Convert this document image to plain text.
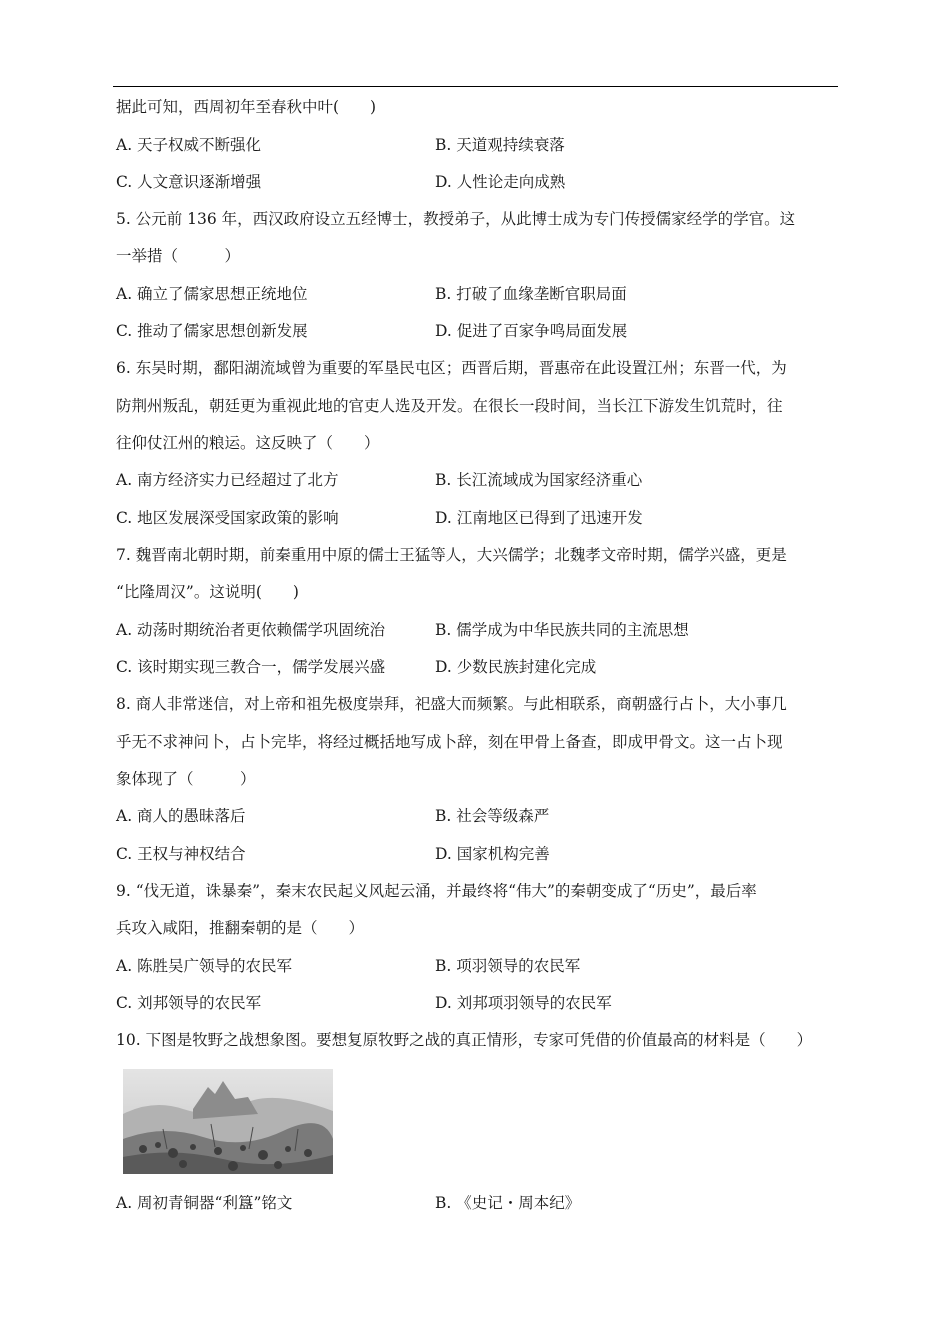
据此可知，西周初年至春秋中叶(　　)
A. 天子权威不断强化	B. 天道观持续衰落
C. 人文意识逐渐增强	D. 人性论走向成熟
5. 公元前 136 年，西汉政府设立五经博士，教授弟子，从此博士成为专门传授儒家经学的学官。这
一举措（　　　）
A. 确立了儒家思想正统地位	B. 打破了血缘垄断官职局面
C. 推动了儒家思想创新发展	D. 促进了百家争鸣局面发展
6. 东吴时期，鄱阳湖流域曾为重要的军垦民屯区；西晋后期，晋惠帝在此设置江州；东晋一代，为
防荆州叛乱，朝廷更为重视此地的官吏人选及开发。在很长一段时间，当长江下游发生饥荒时，往
往仰仗江州的粮运。这反映了（　　）
A. 南方经济实力已经超过了北方	B. 长江流域成为国家经济重心
C. 地区发展深受国家政策的影响	D. 江南地区已得到了迅速开发
7. 魏晋南北朝时期，前秦重用中原的儒士王猛等人，大兴儒学；北魏孝文帝时期，儒学兴盛，更是
“比隆周汉”。这说明(　　)
A. 动荡时期统治者更依赖儒学巩固统治	B. 儒学成为中华民族共同的主流思想
C. 该时期实现三教合一，儒学发展兴盛	D. 少数民族封建化完成
8. 商人非常迷信，对上帝和祖先极度崇拜，祀盛大而频繁。与此相联系，商朝盛行占卜，大小事几
乎无不求神问卜，占卜完毕，将经过概括地写成卜辞，刻在甲骨上备查，即成甲骨文。这一占卜现
象体现了（　　　）
A. 商人的愚昧落后	B. 社会等级森严
C. 王权与神权结合	D. 国家机构完善
9. “伐无道，诛暴秦”，秦末农民起义风起云涌，并最终将“伟大”的秦朝变成了“历史”，最后率
兵攻入咸阳，推翻秦朝的是（　　）
A. 陈胜吴广领导的农民军	B. 项羽领导的农民军
C. 刘邦领导的农民军	D. 刘邦项羽领导的农民军
10. 下图是牧野之战想象图。要想复原牧野之战的真正情形，专家可凭借的价值最高的材料是（　　）
A. 周初青铜器“利簋”铭文	B. 《史记・周本纪》
